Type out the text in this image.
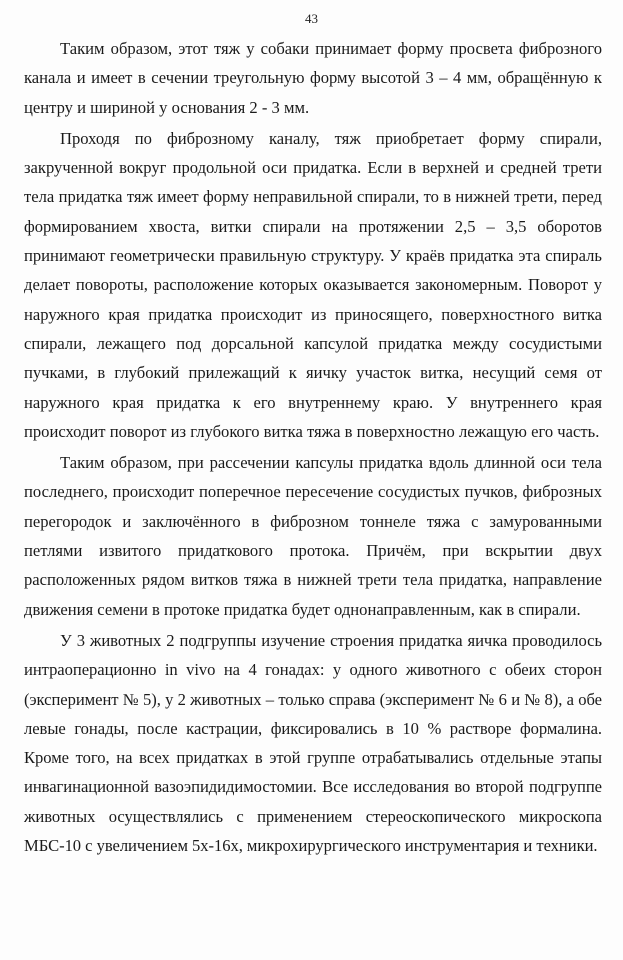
43

Таким образом, этот тяж у собаки принимает форму просвета фиброзного канала и имеет в сечении треугольную форму высотой 3 – 4 мм, обращённую к центру и шириной у основания 2 - 3 мм.

Проходя по фиброзному каналу, тяж приобретает форму спирали, закрученной вокруг продольной оси придатка. Если в верхней и средней трети тела придатка тяж имеет форму неправильной спирали, то в нижней трети, перед формированием хвоста, витки спирали на протяжении 2,5 – 3,5 оборотов принимают геометрически правильную структуру. У краёв придатка эта спираль делает повороты, расположение которых оказывается закономерным. Поворот у наружного края придатка происходит из приносящего, поверхностного витка спирали, лежащего под дорсальной капсулой придатка между сосудистыми пучками, в глубокий прилежащий к яичку участок витка, несущий семя от наружного края придатка к его внутреннему краю. У внутреннего края происходит поворот из глубокого витка тяжа в поверхностно лежащую его часть.

Таким образом, при рассечении капсулы придатка вдоль длинной оси тела последнего, происходит поперечное пересечение сосудистых пучков, фиброзных перегородок и заключённого в фиброзном тоннеле тяжа с замурованными петлями извитого придаткового протока. Причём, при вскрытии двух расположенных рядом витков тяжа в нижней трети тела придатка, направление движения семени в протоке придатка будет однонаправленным, как в спирали.

У 3 животных 2 подгруппы изучение строения придатка яичка проводилось интраоперационно in vivo на 4 гонадах: у одного животного с обеих сторон (эксперимент № 5), у 2 животных – только справа (эксперимент № 6 и № 8), а обе левые гонады, после кастрации, фиксировались в 10 % растворе формалина. Кроме того, на всех придатках в этой группе отрабатывались отдельные этапы инвагинационной вазоэпидидимостомии. Все исследования во второй подгруппе животных осуществлялись с применением стереоскопического микроскопа МБС-10 с увеличением 5х-16х, микрохирургического инструментария и техники.
